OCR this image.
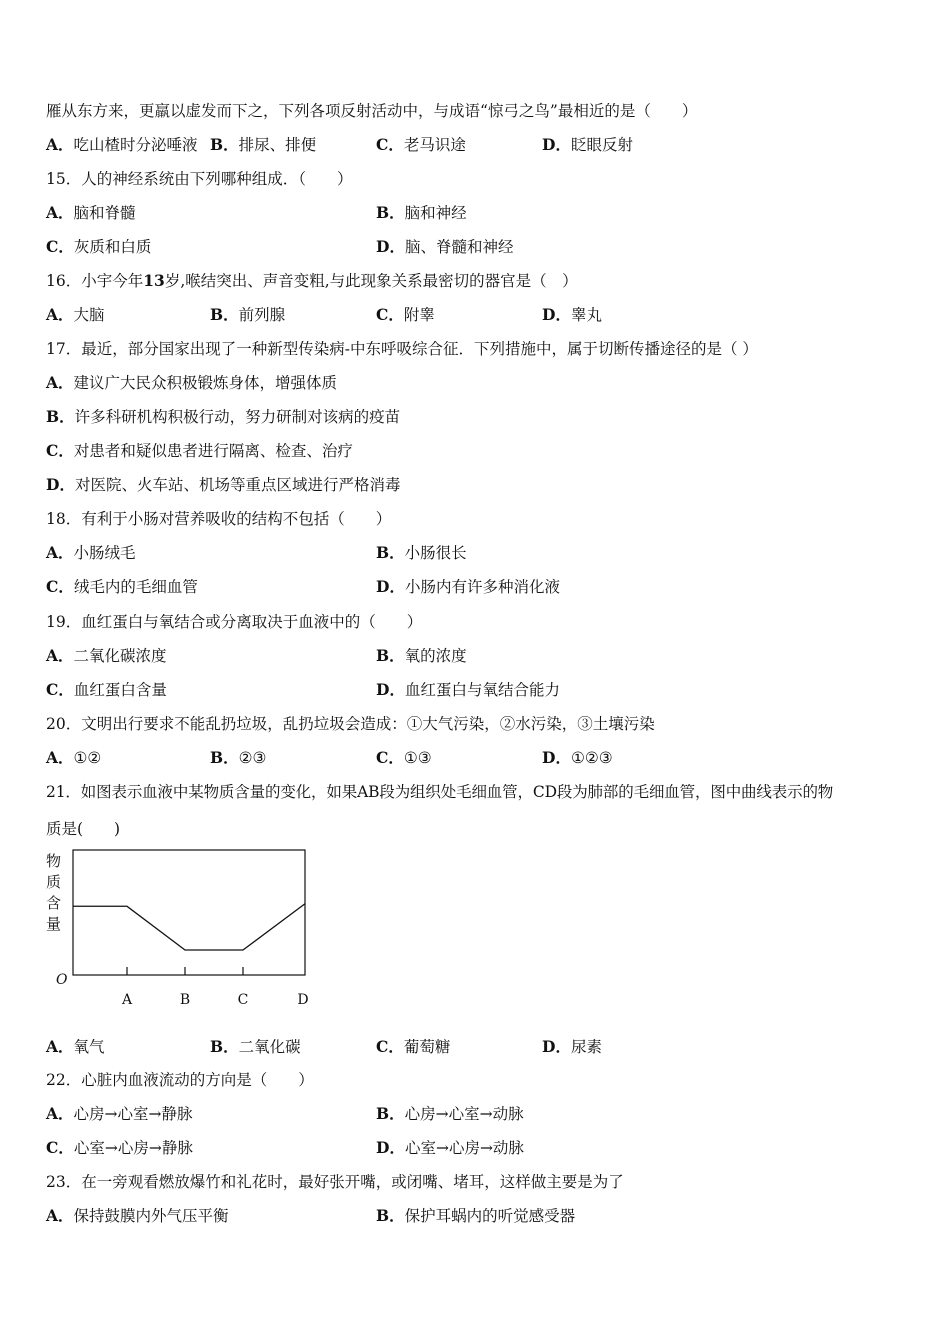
雁从东方来，更羸以虚发而下之，下列各项反射活动中，与成语“惊弓之鸟”最相近的是（　　）
A．吃山楂时分泌唾液 B．排尿、排便	C．老马识途	D．眨眼反射
15．人的神经系统由下列哪种组成．（　　）
A．脑和脊髓	B．脑和神经
C．灰质和白质	D．脑、脊髓和神经
16．小宇今年13岁,喉结突出、声音变粗,与此现象关系最密切的器官是（　）
A．大脑	B．前列腺	C．附睾	D．睾丸
17．最近，部分国家出现了一种新型传染病-中东呼吸综合征．下列措施中，属于切断传播途径的是（ ）
A．建议广大民众积极锻炼身体，增强体质
B．许多科研机构积极行动，努力研制对该病的疫苗
C．对患者和疑似患者进行隔离、检查、治疗
D．对医院、火车站、机场等重点区域进行严格消毒
18．有利于小肠对营养吸收的结构不包括（　　）
A．小肠绒毛	B．小肠很长
C．绒毛内的毛细血管	D．小肠内有许多种消化液
19．血红蛋白与氧结合或分离取决于血液中的（　　）
A．二氧化碳浓度	B．氧的浓度
C．血红蛋白含量	D．血红蛋白与氧结合能力
20．文明出行要求不能乱扔垃圾，乱扔垃圾会造成：①大气污染，②水污染，③土壤污染
A．①②	B．②③	C．①③	D．①②③
21．如图表示血液中某物质含量的变化，如果AB段为组织处毛细血管，CD段为肺部的毛细血管，图中曲线表示的物
质是(　　)
物
质
含
量
O
A	B	C	D
A．氧气	B．二氧化碳	C．葡萄糖	D．尿素
22．心脏内血液流动的方向是（　　）
A．心房→心室→静脉	B．心房→心室→动脉
C．心室→心房→静脉	D．心室→心房→动脉
23．在一旁观看燃放爆竹和礼花时，最好张开嘴，或闭嘴、堵耳，这样做主要是为了
A．保持鼓膜内外气压平衡	B．保护耳蜗内的听觉感受器
